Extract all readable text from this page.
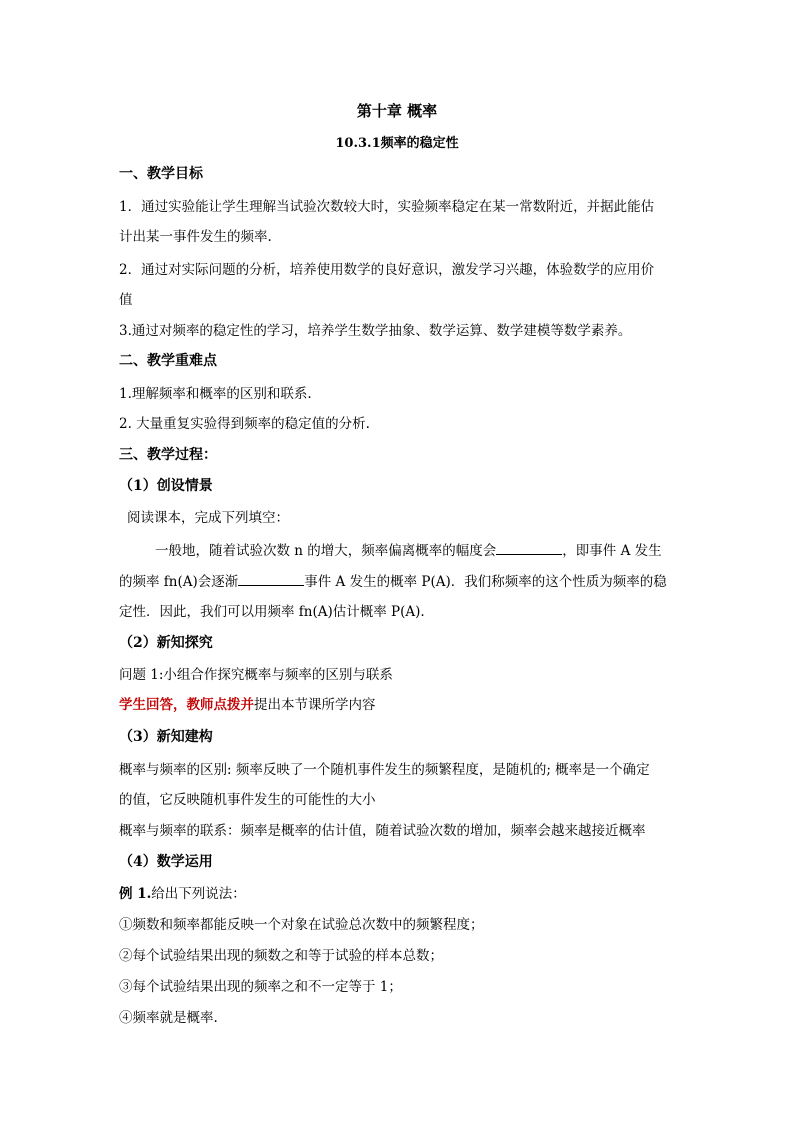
第十章 概率
10.3.1频率的稳定性
一、教学目标
1．通过实验能让学生理解当试验次数较大时，实验频率稳定在某一常数附近，并据此能估
计出某一事件发生的频率.
2．通过对实际问题的分析，培养使用数学的良好意识，激发学习兴趣，体验数学的应用价
值
3.通过对频率的稳定性的学习，培养学生数学抽象、数学运算、数学建模等数学素养。
二、教学重难点
1.理解频率和概率的区别和联系.
2. 大量重复实验得到频率的稳定值的分析.
三、教学过程：
（1）创设情景
阅读课本，完成下列填空：
一般地，随着试验次数 n 的增大，频率偏离概率的幅度会	，即事件 A 发生
的频率 fn(A)会逐渐	事件 A 发生的概率 P(A)．我们称频率的这个性质为频率的稳
定性．因此，我们可以用频率 fn(A)估计概率 P(A).
（2）新知探究
问题 1:小组合作探究概率与频率的区别与联系
学生回答，教师点拨并提出本节课所学内容
（3）新知建构
概率与频率的区别: 频率反映了一个随机事件发生的频繁程度，是随机的; 概率是一个确定
的值，它反映随机事件发生的可能性的大小
概率与频率的联系：频率是概率的估计值，随着试验次数的增加，频率会越来越接近概率
（4）数学运用
例 1.给出下列说法：
①频数和频率都能反映一个对象在试验总次数中的频繁程度；
②每个试验结果出现的频数之和等于试验的样本总数；
③每个试验结果出现的频率之和不一定等于 1；
④频率就是概率.
